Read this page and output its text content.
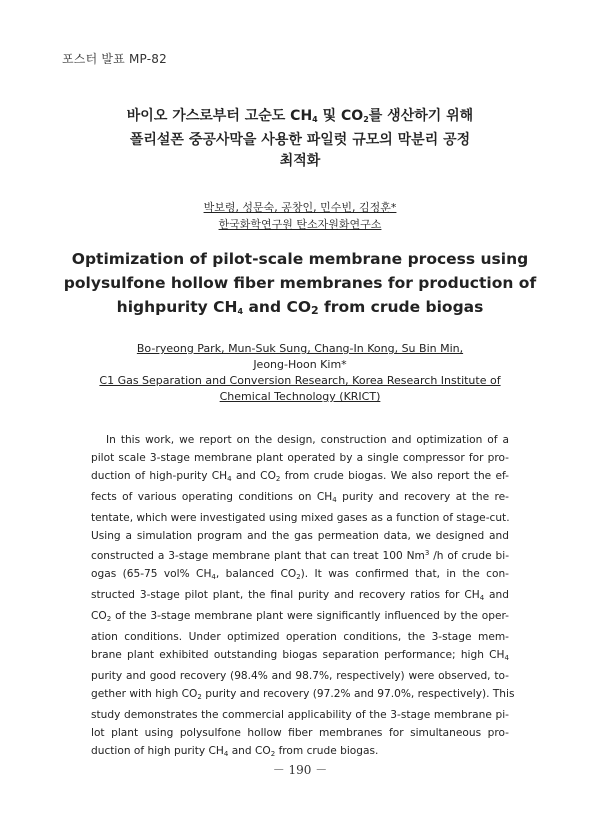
포스터 발표 MP-82
바이오 가스로부터 고순도 $CH_4$ 및 $CO_2$를 생산하기 위해
폴리설폰 중공사막을 사용한 파일럿 규모의 막분리 공정
최적화
박보령, 성문숙, 공창인, 민수빈, 김정훈*
한국화학연구원 탄소자원화연구소
Optimization of pilot-scale membrane process using
polysulfone hollow fiber membranes for production of
highpurity $CH_4$ and CO2 from crude biogas
Bo-ryeong Park, Mun-Suk Sung, Chang-In Kong, Su Bin Min,
Jeong-Hoon Kim*
C1 Gas Separation and Conversion Research, Korea Research Institute of
Chemical Technology (KRICT)
In this work, we report on the design, construction and optimization of a
pilot scale 3-stage membrane plant operated by a single compressor for pro-
duction of high-purity CH4 and CO2 from crude biogas. We also report the ef-
fects of various operating conditions on CH4 purity and recovery at the re-
tentate, which were investigated using mixed gases as a function of stage-cut.
Using a simulation program and the gas permeation data, we designed and
constructed a 3-stage membrane plant that can treat 100 Nm$^3$ /h of crude bi-
ogas (65-75 vol% CH4, balanced CO2). It was confirmed that, in the con-
structed 3-stage pilot plant, the final purity and recovery ratios for CH4 and
CO2 of the 3-stage membrane plant were significantly influenced by the oper-
ation conditions. Under optimized operation conditions, the 3-stage mem-
brane plant exhibited outstanding biogas separation performance; high CH4
purity and good recovery (98.4% and 98.7%, respectively) were observed, to-
gether with high CO2 purity and recovery (97.2% and 97.0%, respectively). This
study demonstrates the commercial applicability of the 3-stage membrane pi-
lot plant using polysulfone hollow fiber membranes for simultaneous pro-
duction of high purity CH4 and CO2 from crude biogas.
－ 190 －
